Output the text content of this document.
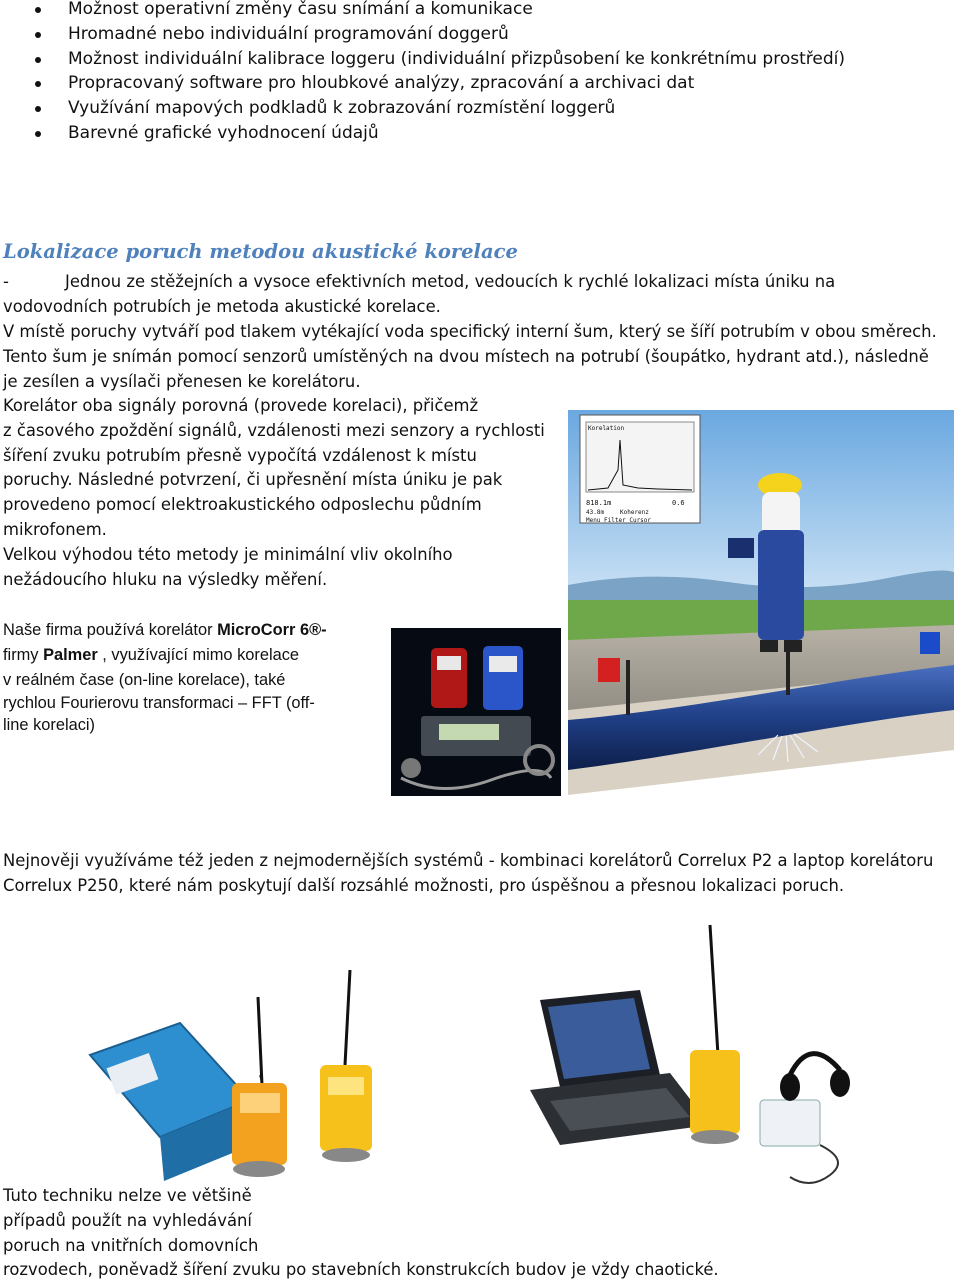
Možnost operativní změny času snímání a komunikace
Hromadné nebo individuální programování doggerů
Možnost individuální kalibrace loggeru (individuální přizpůsobení ke konkrétnímu prostředí)
Propracovaný software pro hloubkové analýzy, zpracování a archivaci dat
Využívání mapových podkladů k zobrazování rozmístění loggerů
Barevné grafické vyhodnocení údajů
Lokalizace poruch metodou akustické korelace
-	Jednou ze stěžejních a vysoce efektivních metod, vedoucích k rychlé lokalizaci místa úniku na
vodovodních potrubích je metoda akustické korelace.
V místě poruchy vytváří pod tlakem vytékající voda specifický interní šum, který se šíří potrubím v obou směrech.
Tento šum je snímán pomocí senzorů umístěných na dvou místech na potrubí (šoupátko, hydrant atd.), následně
je zesílen a vysílači přenesen ke korelátoru.
Korelátor oba signály porovná (provede korelaci), přičemž
z časového zpoždění signálů, vzdálenosti mezi senzory a rychlosti
šíření zvuku potrubím přesně vypočítá vzdálenost k místu
poruchy. Následné potvrzení, či upřesnění místa úniku je pak
provedeno pomocí elektroakustického odposlechu půdním
mikrofonem.
Velkou výhodou této metody je minimální vliv okolního
nežádoucího hluku na výsledky měření.
Korelation
818.1m	0.6
43.8m	Koherenz
Menu Filter Cursor
Naše firma používá korelátor MicroCorr 6®-
firmy Palmer , využívající mimo korelace
v reálném čase (on-line korelace), také
rychlou Fourierovu transformaci – FFT (off-
line korelaci)
Nejnověji využíváme též jeden z nejmodernějších systémů - kombinaci korelátorů Correlux P2 a laptop korelátoru
Correlux P250, které nám poskytují další rozsáhlé možnosti, pro úspěšnou a přesnou lokalizaci poruch.
Tuto techniku nelze ve většině
případů použít na vyhledávání
poruch na vnitřních domovních
rozvodech, poněvadž šíření zvuku po stavebních konstrukcích budov je vždy chaotické.
